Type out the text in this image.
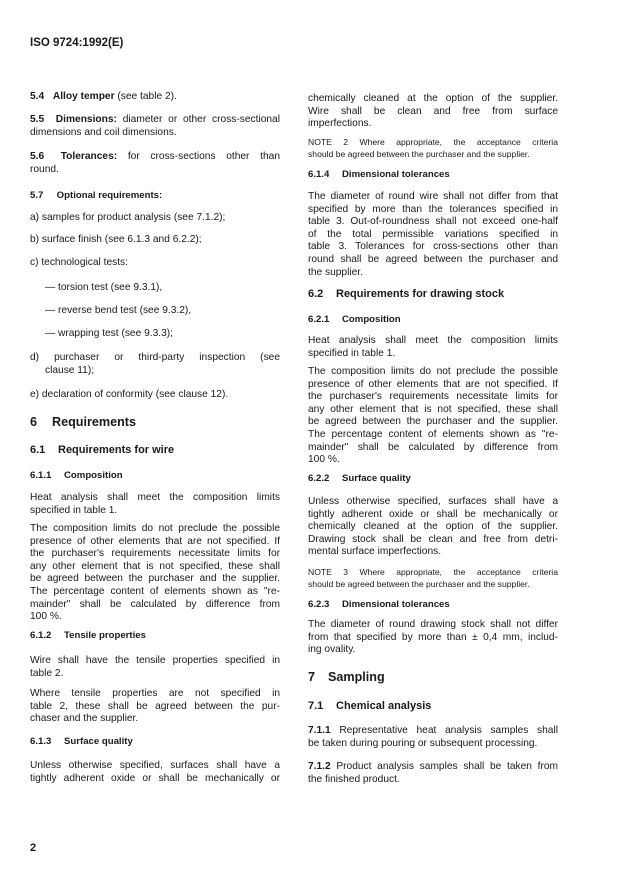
ISO 9724:1992(E)
5.4 Alloy temper (see table 2).
5.5 Dimensions: diameter or other cross-sectional
dimensions and coil dimensions.
5.6 Tolerances: for cross-sections other than
round.
5.7 Optional requirements:
a) samples for product analysis (see 7.1.2);
b) surface finish (see 6.1.3 and 6.2.2);
c) technological tests:
— torsion test (see 9.3.1),
— reverse bend test (see 9.3.2),
— wrapping test (see 9.3.3);
d) purchaser or third-party inspection (see
clause 11);
e) declaration of conformity (see clause 12).
6 Requirements
6.1 Requirements for wire
6.1.1 Composition
Heat analysis shall meet the composition limits
specified in table 1.
The composition limits do not preclude the possible
presence of other elements that are not specified. If
the purchaser's requirements necessitate limits for
any other element that is not specified, these shall
be agreed between the purchaser and the supplier.
The percentage content of elements shown as "re-
mainder" shall be calculated by difference from
100 %.
6.1.2 Tensile properties
Wire shall have the tensile properties specified in
table 2.
Where tensile properties are not specified in
table 2, these shall be agreed between the pur-
chaser and the supplier.
6.1.3 Surface quality
Unless otherwise specified, surfaces shall have a
tightly adherent oxide or shall be mechanically or
chemically cleaned at the option of the supplier.
Wire shall be clean and free from surface
imperfections.
NOTE 2 Where appropriate, the acceptance criteria
should be agreed between the purchaser and the supplier.
6.1.4 Dimensional tolerances
The diameter of round wire shall not differ from that
specified by more than the tolerances specified in
table 3. Out-of-roundness shall not exceed one-half
of the total permissible variations specified in
table 3. Tolerances for cross-sections other than
round shall be agreed between the purchaser and
the supplier.
6.2 Requirements for drawing stock
6.2.1 Composition
Heat analysis shall meet the composition limits
specified in table 1.
The composition limits do not preclude the possible
presence of other elements that are not specified. If
the purchaser's requirements necessitate limits for
any other element that is not specified, these shall
be agreed between the purchaser and the supplier.
The percentage content of elements shown as "re-
mainder" shall be calculated by difference from
100 %.
6.2.2 Surface quality
Unless otherwise specified, surfaces shall have a
tightly adherent oxide or shall be mechanically or
chemically cleaned at the option of the supplier.
Drawing stock shall be clean and free from detri-
mental surface imperfections.
NOTE 3 Where appropriate, the acceptance criteria
should be agreed between the purchaser and the supplier.
6.2.3 Dimensional tolerances
The diameter of round drawing stock shall not differ
from that specified by more than ± 0,4 mm, includ-
ing ovality.
7 Sampling
7.1 Chemical analysis
7.1.1 Representative heat analysis samples shall
be taken during pouring or subsequent processing.
7.1.2 Product analysis samples shall be taken from
the finished product.
2
